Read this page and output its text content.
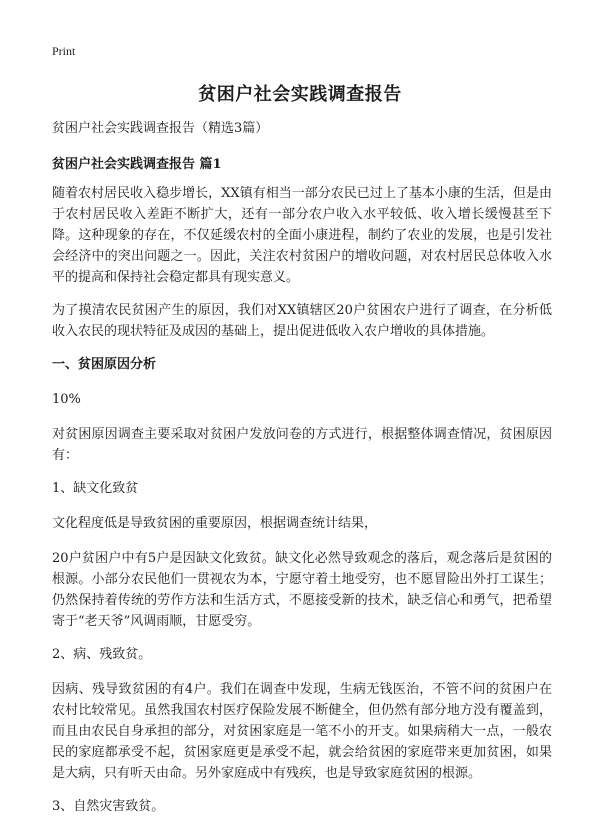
Print
贫困户社会实践调查报告

贫困户社会实践调查报告（精选3篇）

贫困户社会实践调查报告 篇1

随着农村居民收入稳步增长，XX镇有相当一部分农民已过上了基本小康的生活，但是由于农村居民收入差距不断扩大，还有一部分农户收入水平较低、收入增长缓慢甚至下降。这种现象的存在，不仅延缓农村的全面小康进程，制约了农业的发展，也是引发社会经济中的突出问题之一。因此，关注农村贫困户的增收问题，对农村居民总体收入水平的提高和保持社会稳定都具有现实意义。

为了摸清农民贫困产生的原因，我们对XX镇辖区20户贫困农户进行了调查，在分析低收入农民的现状特征及成因的基础上，提出促进低收入农户增收的具体措施。

一、贫困原因分析

10%

对贫困原因调查主要采取对贫困户发放问卷的方式进行，根据整体调查情况，贫困原因有：

1、缺文化致贫

文化程度低是导致贫困的重要原因，根据调查统计结果，

20户贫困户中有5户是因缺文化致贫。缺文化必然导致观念的落后，观念落后是贫困的根源。小部分农民他们一贯视农为本，宁愿守着土地受穷，也不愿冒险出外打工谋生；仍然保持着传统的劳作方法和生活方式，不愿接受新的技术，缺乏信心和勇气，把希望寄于“老天爷”风调雨顺，甘愿受穷。

2、病、残致贫。

因病、残导致贫困的有4户。我们在调查中发现，生病无钱医治，不管不问的贫困户在农村比较常见。虽然我国农村医疗保险发展不断健全，但仍然有部分地方没有覆盖到，而且由农民自身承担的部分，对贫困家庭是一笔不小的开支。如果病稍大一点，一般农民的家庭都承受不起，贫困家庭更是承受不起，就会给贫困的家庭带来更加贫困，如果是大病，只有听天由命。另外家庭成中有残疾，也是导致家庭贫困的根源。

3、自然灾害致贫。
